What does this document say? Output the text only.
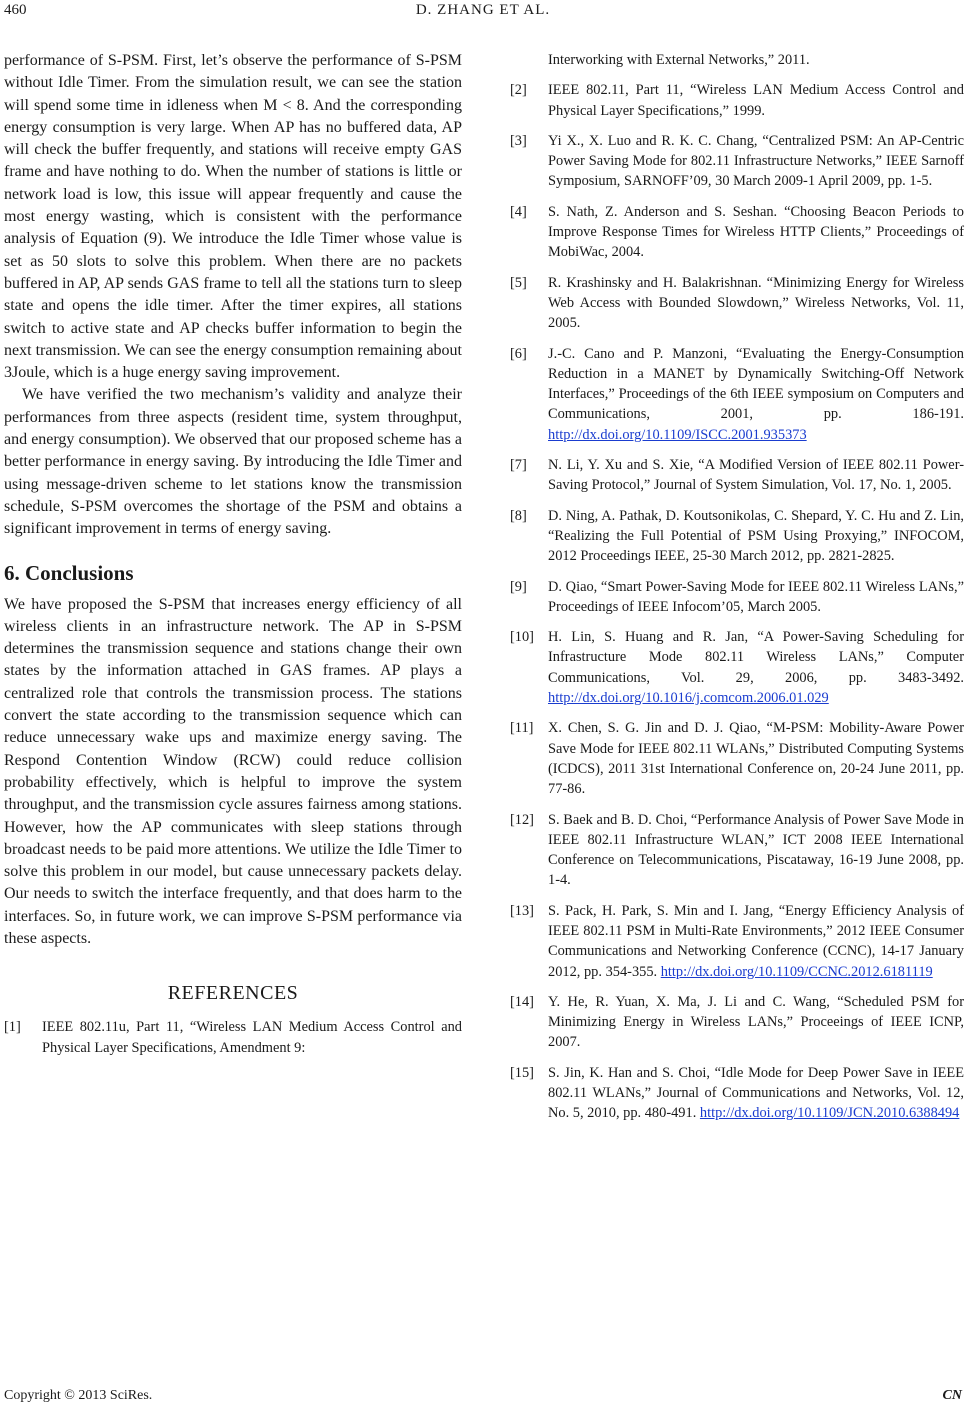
460	D. ZHANG ET AL.

performance of S-PSM. First, let’s observe the performance of S-PSM without Idle Timer. From the simulation result, we can see the station will spend some time in idleness when M < 8. And the corresponding energy consumption is very large. When AP has no buffered data, AP will check the buffer frequently, and stations will receive empty GAS frame and have nothing to do. When the number of stations is little or network load is low, this issue will appear frequently and cause the most energy wasting, which is consistent with the performance analysis of Equation (9). We introduce the Idle Timer whose value is set as 50 slots to solve this problem. When there are no packets buffered in AP, AP sends GAS frame to tell all the stations turn to sleep state and opens the idle timer. After the timer expires, all stations switch to active state and AP checks buffer information to begin the next transmission. We can see the energy consumption remaining about 3Joule, which is a huge energy saving improvement.

We have verified the two mechanism’s validity and analyze their performances from three aspects (resident time, system throughput, and energy consumption). We observed that our proposed scheme has a better performance in energy saving. By introducing the Idle Timer and using message-driven scheme to let stations know the transmission schedule, S-PSM overcomes the shortage of the PSM and obtains a significant improvement in terms of energy saving.

6. Conclusions

We have proposed the S-PSM that increases energy efficiency of all wireless clients in an infrastructure network. The AP in S-PSM determines the transmission sequence and stations change their own states by the information attached in GAS frames. AP plays a centralized role that controls the transmission process. The stations convert the state according to the transmission sequence which can reduce unnecessary wake ups and maximize energy saving. The Respond Contention Window (RCW) could reduce collision probability effectively, which is helpful to improve the system throughput, and the transmission cycle assures fairness among stations. However, how the AP communicates with sleep stations through broadcast needs to be paid more attentions. We utilize the Idle Timer to solve this problem in our model, but cause unnecessary packets delay. Our needs to switch the interface frequently, and that does harm to the interfaces. So, in future work, we can improve S-PSM performance via these aspects.

REFERENCES
[1]	IEEE 802.11u, Part 11, “Wireless LAN Medium Access Control and Physical Layer Specifications, Amendment 9:
Interworking with External Networks,” 2011.
[2]	IEEE 802.11, Part 11, “Wireless LAN Medium Access Control and Physical Layer Specifications,” 1999.
[3]	Yi X., X. Luo and R. K. C. Chang, “Centralized PSM: An AP-Centric Power Saving Mode for 802.11 Infrastructure Networks,” IEEE Sarnoff Symposium, SARNOFF’09, 30 March 2009-1 April 2009, pp. 1-5.
[4]	S. Nath, Z. Anderson and S. Seshan. “Choosing Beacon Periods to Improve Response Times for Wireless HTTP Clients,” Proceedings of MobiWac, 2004.
[5]	R. Krashinsky and H. Balakrishnan. “Minimizing Energy for Wireless Web Access with Bounded Slowdown,” Wireless Networks, Vol. 11, 2005.
[6]	J.-C. Cano and P. Manzoni, “Evaluating the Energy-Consumption Reduction in a MANET by Dynamically Switching-Off Network Interfaces,” Proceedings of the 6th IEEE symposium on Computers and Communications, 2001, pp. 186-191. http://dx.doi.org/10.1109/ISCC.2001.935373
[7]	N. Li, Y. Xu and S. Xie, “A Modified Version of IEEE 802.11 Power-Saving Protocol,” Journal of System Simulation, Vol. 17, No. 1, 2005.
[8]	D. Ning, A. Pathak, D. Koutsonikolas, C. Shepard, Y. C. Hu and Z. Lin, “Realizing the Full Potential of PSM Using Proxying,” INFOCOM, 2012 Proceedings IEEE, 25-30 March 2012, pp. 2821-2825.
[9]	D. Qiao, “Smart Power-Saving Mode for IEEE 802.11 Wireless LANs,” Proceedings of IEEE Infocom’05, March 2005.
[10] H. Lin, S. Huang and R. Jan, “A Power-Saving Scheduling for Infrastructure Mode 802.11 Wireless LANs,” Computer Communications, Vol. 29, 2006, pp. 3483-3492. http://dx.doi.org/10.1016/j.comcom.2006.01.029
[11]	X. Chen, S. G. Jin and D. J. Qiao, “M-PSM: Mobility-Aware Power Save Mode for IEEE 802.11 WLANs,” Distributed Computing Systems (ICDCS), 2011 31st International Conference on, 20-24 June 2011, pp. 77-86.
[12] S. Baek and B. D. Choi, “Performance Analysis of Power Save Mode in IEEE 802.11 Infrastructure WLAN,” ICT 2008 IEEE International Conference on Telecommunications, Piscataway, 16-19 June 2008, pp. 1-4.
[13] S. Pack, H. Park, S. Min and I. Jang, “Energy Efficiency Analysis of IEEE 802.11 PSM in Multi-Rate Environments,” 2012 IEEE Consumer Communications and Networking Conference (CCNC), 14-17 January 2012, pp. 354-355. http://dx.doi.org/10.1109/CCNC.2012.6181119
[14] Y. He, R. Yuan, X. Ma, J. Li and C. Wang, “Scheduled PSM for Minimizing Energy in Wireless LANs,” Proceeings of IEEE ICNP, 2007.
[15] S. Jin, K. Han and S. Choi, “Idle Mode for Deep Power Save in IEEE 802.11 WLANs,” Journal of Communications and Networks, Vol. 12, No. 5, 2010, pp. 480-491. http://dx.doi.org/10.1109/JCN.2010.6388494
Copyright © 2013 SciRes.	CN
